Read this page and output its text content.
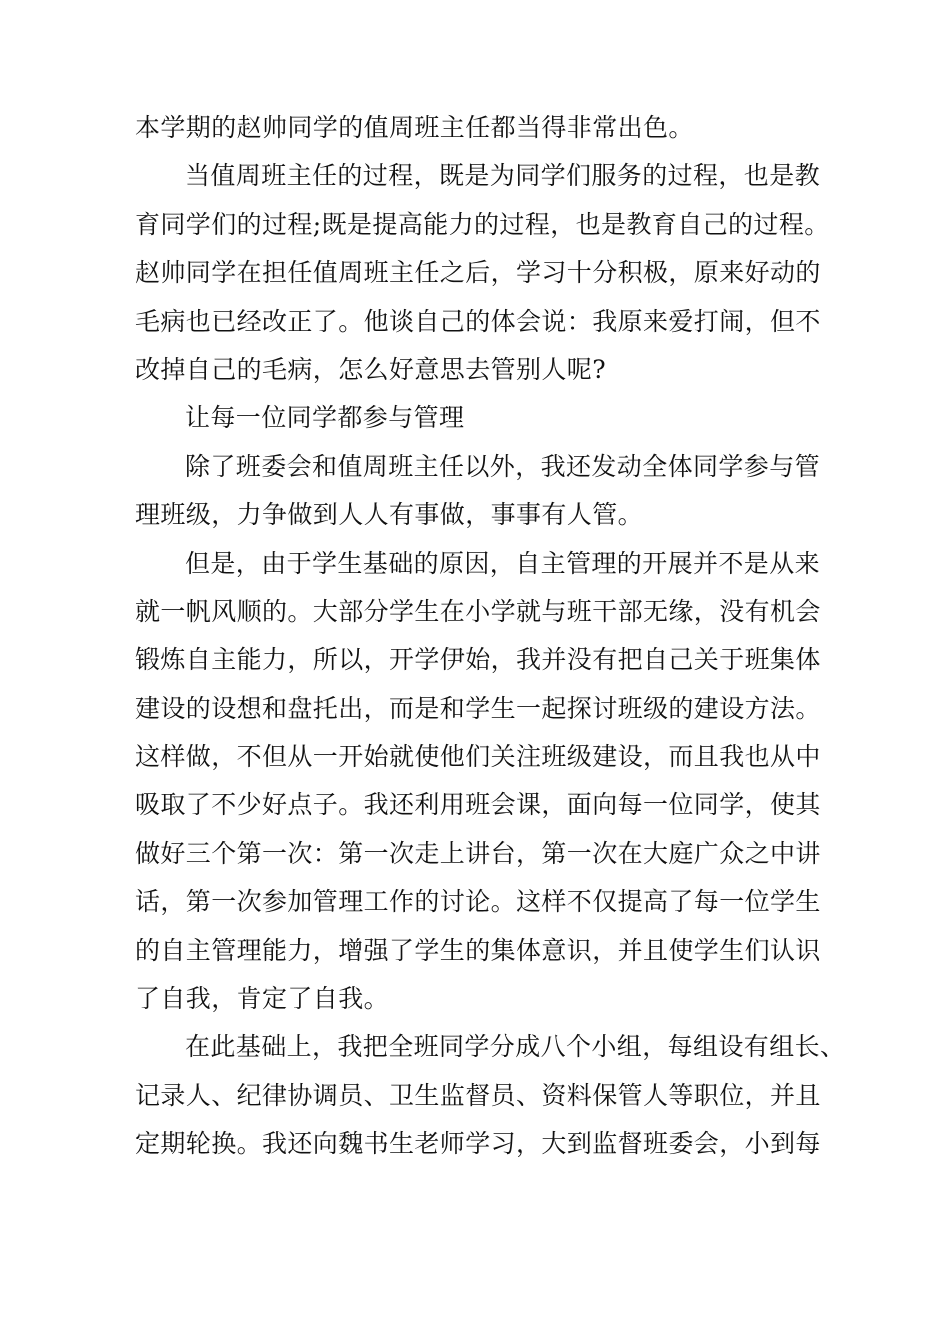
本学期的赵帅同学的值周班主任都当得非常出色。
当值周班主任的过程，既是为同学们服务的过程，也是教
育同学们的过程;既是提高能力的过程，也是教育自己的过程。
赵帅同学在担任值周班主任之后，学习十分积极，原来好动的
毛病也已经改正了。他谈自己的体会说：我原来爱打闹，但不
改掉自己的毛病，怎么好意思去管别人呢?
让每一位同学都参与管理
除了班委会和值周班主任以外，我还发动全体同学参与管
理班级，力争做到人人有事做，事事有人管。
但是，由于学生基础的原因，自主管理的开展并不是从来
就一帆风顺的。大部分学生在小学就与班干部无缘，没有机会
锻炼自主能力，所以，开学伊始，我并没有把自己关于班集体
建设的设想和盘托出，而是和学生一起探讨班级的建设方法。
这样做，不但从一开始就使他们关注班级建设，而且我也从中
吸取了不少好点子。我还利用班会课，面向每一位同学，使其
做好三个第一次：第一次走上讲台，第一次在大庭广众之中讲
话，第一次参加管理工作的讨论。这样不仅提高了每一位学生
的自主管理能力，增强了学生的集体意识，并且使学生们认识
了自我，肯定了自我。
在此基础上，我把全班同学分成八个小组，每组设有组长、
记录人、纪律协调员、卫生监督员、资料保管人等职位，并且
定期轮换。我还向魏书生老师学习，大到监督班委会，小到每
